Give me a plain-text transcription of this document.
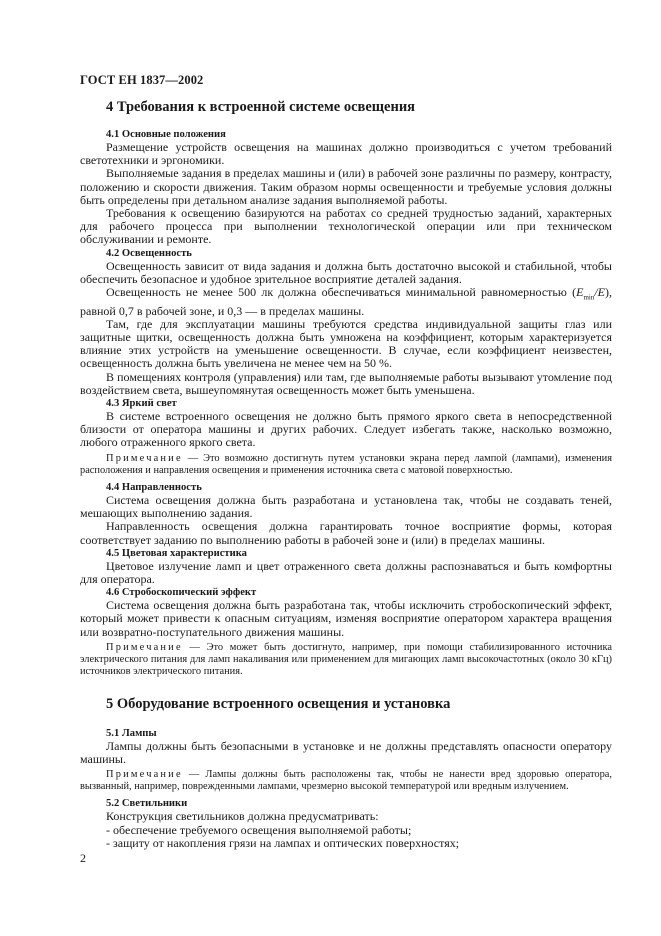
ГОСТ ЕН 1837—2002
4 Требования к встроенной системе освещения
4.1 Основные положения

Размещение устройств освещения на машинах должно производиться с учетом требований светотехники и эргономики.

Выполняемые задания в пределах машины и (или) в рабочей зоне различны по размеру, контрасту, положению и скорости движения. Таким образом нормы освещенности и требуемые условия должны быть определены при детальном анализе задания выполняемой работы.

Требования к освещению базируются на работах со средней трудностью заданий, характерных для рабочего процесса при выполнении технологической операции или при техническом обслуживании и ремонте.

4.2 Освещенность

Освещенность зависит от вида задания и должна быть достаточно высокой и стабильной, чтобы обеспечить безопасное и удобное зрительное восприятие деталей задания.

Освещенность не менее 500 лк должна обеспечиваться минимальной равномерностью $(E_{min}/E)$, равной 0,7 в рабочей зоне, и 0,3 — в пределах машины.

Там, где для эксплуатации машины требуются средства индивидуальной защиты глаз или защитные щитки, освещенность должна быть умножена на коэффициент, которым характеризуется влияние этих устройств на уменьшение освещенности. В случае, если коэффициент неизвестен, освещенность должна быть увеличена не менее чем на 50 %.

В помещениях контроля (управления) или там, где выполняемые работы вызывают утомление под воздействием света, вышеупомянутая освещенность может быть уменьшена.

4.3 Яркий свет

В системе встроенного освещения не должно быть прямого яркого света в непосредственной близости от оператора машины и других рабочих. Следует избегать также, насколько возможно, любого отраженного яркого света.

Примечание — Это возможно достигнуть путем установки экрана перед лампой (лампами), изменения расположения и направления освещения и применения источника света с матовой поверхностью.

4.4 Направленность

Система освещения должна быть разработана и установлена так, чтобы не создавать теней, мешающих выполнению задания.

Направленность освещения должна гарантировать точное восприятие формы, которая соответствует заданию по выполнению работы в рабочей зоне и (или) в пределах машины.

4.5 Цветовая характеристика

Цветовое излучение ламп и цвет отраженного света должны распознаваться и быть комфортны для оператора.

4.6 Стробоскопический эффект

Система освещения должна быть разработана так, чтобы исключить стробоскопический эффект, который может привести к опасным ситуациям, изменяя восприятие оператором характера вращения или возвратно-поступательного движения машины.

Примечание — Это может быть достигнуто, например, при помощи стабилизированного источника электрического питания для ламп накаливания или применением для мигающих ламп высокочастотных (около 30 кГц) источников электрического питания.

5 Оборудование встроенного освещения и установка
5.1 Лампы

Лампы должны быть безопасными в установке и не должны представлять опасности оператору машины.

Примечание — Лампы должны быть расположены так, чтобы не нанести вред здоровью оператора, вызванный, например, поврежденными лампами, чрезмерно высокой температурой или вредным излучением.

5.2 Светильники

Конструкция светильников должна предусматривать:

- обеспечение требуемого освещения выполняемой работы;

- защиту от накопления грязи на лампах и оптических поверхностях;

2
